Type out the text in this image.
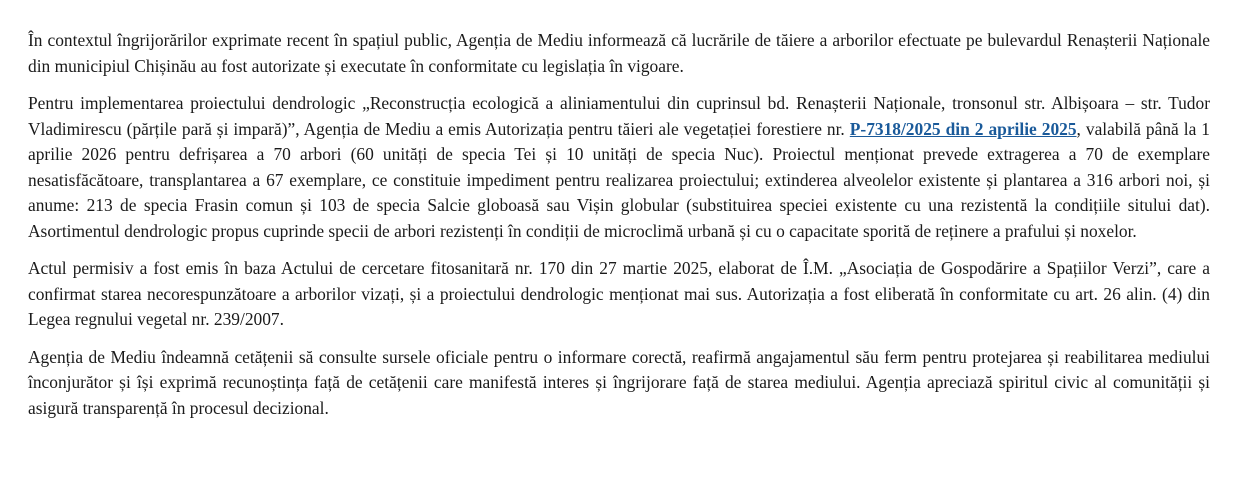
În contextul îngrijorărilor exprimate recent în spațiul public, Agenția de Mediu informează că lucrările de tăiere a arborilor efectuate pe bulevardul Renașterii Naționale din municipiul Chișinău au fost autorizate și executate în conformitate cu legislația în vigoare.

Pentru implementarea proiectului dendrologic „Reconstrucția ecologică a aliniamentului din cuprinsul bd. Renașterii Naționale, tronsonul str. Albișoara – str. Tudor Vladimirescu (părțile pară și impară)”, Agenția de Mediu a emis Autorizația pentru tăieri ale vegetației forestiere nr. P-7318/2025 din 2 aprilie 2025, valabilă până la 1 aprilie 2026 pentru defrișarea a 70 arbori (60 unități de specia Tei și 10 unități de specia Nuc). Proiectul menționat prevede extragerea a 70 de exemplare nesatisfăcătoare, transplantarea a 67 exemplare, ce constituie impediment pentru realizarea proiectului; extinderea alveolelor existente și plantarea a 316 arbori noi, și anume: 213 de specia Frasin comun și 103 de specia Salcie globoasă sau Vișin globular (substituirea speciei existente cu una rezistentă la condițiile sitului dat). Asortimentul dendrologic propus cuprinde specii de arbori rezistenți în condiții de microclimă urbană și cu o capacitate sporită de reținere a prafului și noxelor.

Actul permisiv a fost emis în baza Actului de cercetare fitosanitară nr. 170 din 27 martie 2025, elaborat de Î.M. „Asociația de Gospodărire a Spațiilor Verzi”, care a confirmat starea necorespunzătoare a arborilor vizați, și a proiectului dendrologic menționat mai sus. Autorizația a fost eliberată în conformitate cu art. 26 alin. (4) din Legea regnului vegetal nr. 239/2007.

Agenția de Mediu îndeamnă cetățenii să consulte sursele oficiale pentru o informare corectă, reafirmă angajamentul său ferm pentru protejarea și reabilitarea mediului înconjurător și își exprimă recunoștința față de cetățenii care manifestă interes și îngrijorare față de starea mediului. Agenția apreciază spiritul civic al comunității și asigură transparență în procesul decizional.
